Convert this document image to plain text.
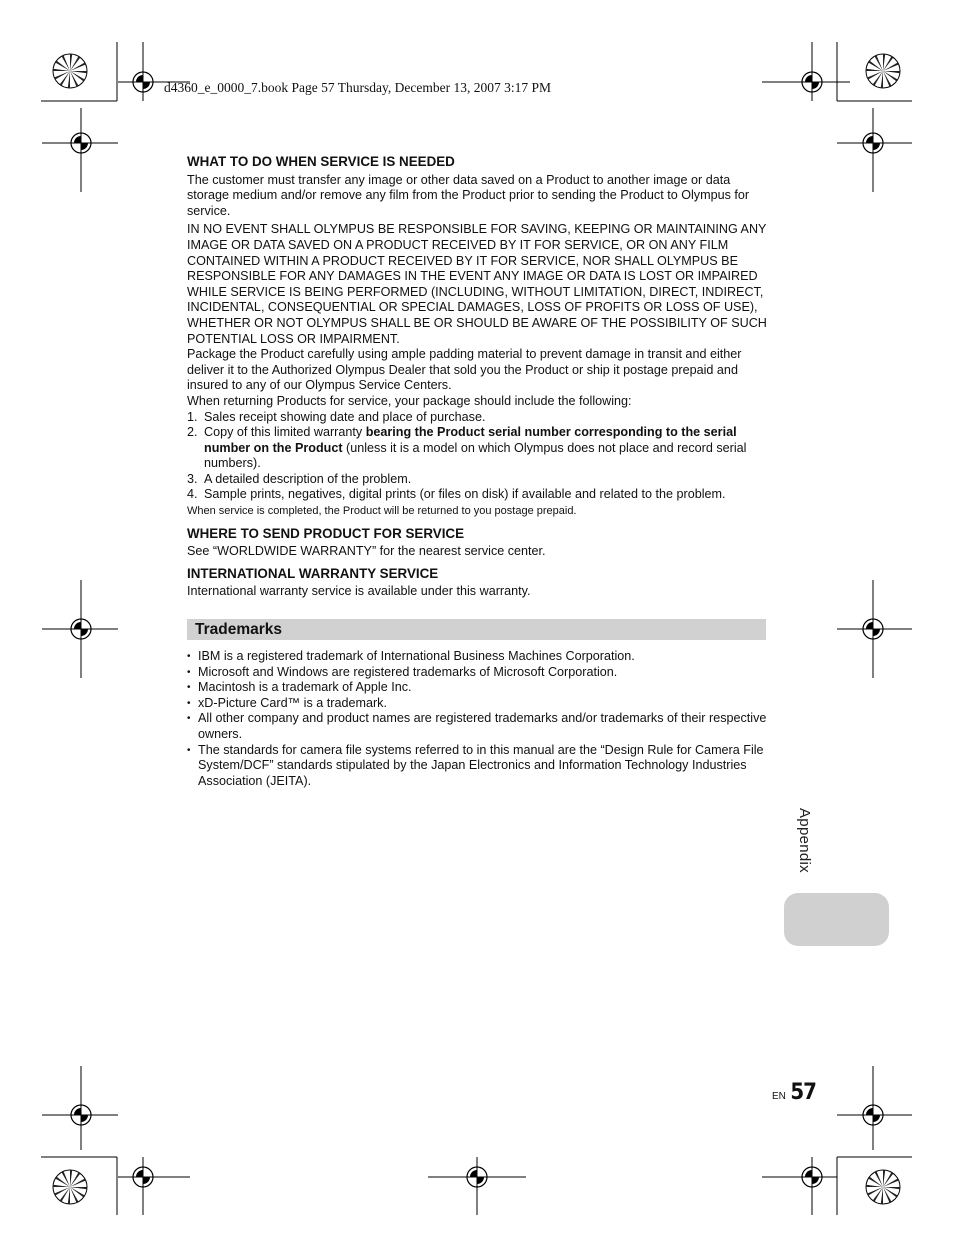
d4360_e_0000_7.book Page 57 Thursday, December 13, 2007 3:17 PM
WHAT TO DO WHEN SERVICE IS NEEDED
The customer must transfer any image or other data saved on a Product to another image or data storage medium and/or remove any film from the Product prior to sending the Product to Olympus for service.
IN NO EVENT SHALL OLYMPUS BE RESPONSIBLE FOR SAVING, KEEPING OR MAINTAINING ANY IMAGE OR DATA SAVED ON A PRODUCT RECEIVED BY IT FOR SERVICE, OR ON ANY FILM CONTAINED WITHIN A PRODUCT RECEIVED BY IT FOR SERVICE, NOR SHALL OLYMPUS BE RESPONSIBLE FOR ANY DAMAGES IN THE EVENT ANY IMAGE OR DATA IS LOST OR IMPAIRED WHILE SERVICE IS BEING PERFORMED (INCLUDING, WITHOUT LIMITATION, DIRECT, INDIRECT, INCIDENTAL, CONSEQUENTIAL OR SPECIAL DAMAGES, LOSS OF PROFITS OR LOSS OF USE), WHETHER OR NOT OLYMPUS SHALL BE OR SHOULD BE AWARE OF THE POSSIBILITY OF SUCH POTENTIAL LOSS OR IMPAIRMENT.
Package the Product carefully using ample padding material to prevent damage in transit and either deliver it to the Authorized Olympus Dealer that sold you the Product or ship it postage prepaid and insured to any of our Olympus Service Centers.
When returning Products for service, your package should include the following:
1. Sales receipt showing date and place of purchase.
2. Copy of this limited warranty bearing the Product serial number corresponding to the serial number on the Product (unless it is a model on which Olympus does not place and record serial numbers).
3. A detailed description of the problem.
4. Sample prints, negatives, digital prints (or files on disk) if available and related to the problem.
When service is completed, the Product will be returned to you postage prepaid.
WHERE TO SEND PRODUCT FOR SERVICE
See “WORLDWIDE WARRANTY” for the nearest service center.
INTERNATIONAL WARRANTY SERVICE
International warranty service is available under this warranty.
Trademarks
• IBM is a registered trademark of International Business Machines Corporation.
• Microsoft and Windows are registered trademarks of Microsoft Corporation.
• Macintosh is a trademark of Apple Inc.
• xD-Picture Card™ is a trademark.
• All other company and product names are registered trademarks and/or trademarks of their respective owners.
• The standards for camera file systems referred to in this manual are the “Design Rule for Camera File System/DCF” standards stipulated by the Japan Electronics and Information Technology Industries Association (JEITA).
Appendix
EN 57
